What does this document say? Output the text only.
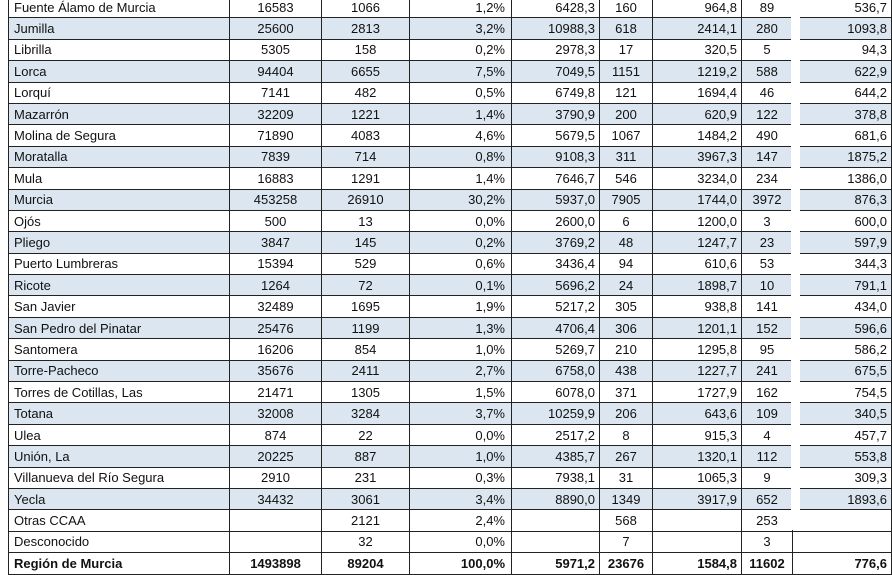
Fuente Álamo de Murcia	16583	1066	1,2%	6428,3	160	964,8	89	536,7
Jumilla	25600	2813	3,2%	10988,3	618	2414,1	280	1093,8
Librilla	5305	158	0,2%	2978,3	17	320,5	5	94,3
Lorca	94404	6655	7,5%	7049,5	1151	1219,2	588	622,9
Lorquí	7141	482	0,5%	6749,8	121	1694,4	46	644,2
Mazarrón	32209	1221	1,4%	3790,9	200	620,9	122	378,8
Molina de Segura	71890	4083	4,6%	5679,5	1067	1484,2	490	681,6
Moratalla	7839	714	0,8%	9108,3	311	3967,3	147	1875,2
Mula	16883	1291	1,4%	7646,7	546	3234,0	234	1386,0
Murcia	453258	26910	30,2%	5937,0	7905	1744,0	3972	876,3
Ojós	500	13	0,0%	2600,0	6	1200,0	3	600,0
Pliego	3847	145	0,2%	3769,2	48	1247,7	23	597,9
Puerto Lumbreras	15394	529	0,6%	3436,4	94	610,6	53	344,3
Ricote	1264	72	0,1%	5696,2	24	1898,7	10	791,1
San Javier	32489	1695	1,9%	5217,2	305	938,8	141	434,0
San Pedro del Pinatar	25476	1199	1,3%	4706,4	306	1201,1	152	596,6
Santomera	16206	854	1,0%	5269,7	210	1295,8	95	586,2
Torre-Pacheco	35676	2411	2,7%	6758,0	438	1227,7	241	675,5
Torres de Cotillas, Las	21471	1305	1,5%	6078,0	371	1727,9	162	754,5
Totana	32008	3284	3,7%	10259,9	206	643,6	109	340,5
Ulea	874	22	0,0%	2517,2	8	915,3	4	457,7
Unión, La	20225	887	1,0%	4385,7	267	1320,1	112	553,8
Villanueva del Río Segura	2910	231	0,3%	7938,1	31	1065,3	9	309,3
Yecla	34432	3061	3,4%	8890,0	1349	3917,9	652	1893,6
Otras CCAA		2121	2,4%		568		253	
Desconocido		32	0,0%		7		3	
Región de Murcia	1493898	89204	100,0%	5971,2	23676	1584,8	11602	776,6
